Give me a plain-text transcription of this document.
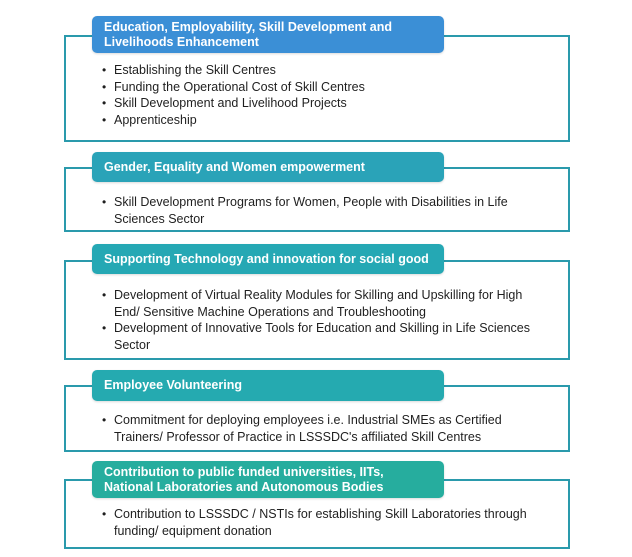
Education, Employability, Skill Development and
Livelihoods Enhancement
• Establishing the Skill Centres
• Funding the Operational Cost of Skill Centres
• Skill Development and Livelihood Projects
• Apprenticeship
Gender, Equality and Women empowerment
• Skill Development Programs for Women, People with Disabilities in Life Sciences Sector
Supporting Technology and innovation for social good
• Development of Virtual Reality Modules for Skilling and Upskilling for High End/ Sensitive Machine Operations and Troubleshooting
• Development of Innovative Tools for Education and Skilling in Life Sciences Sector
Employee Volunteering
• Commitment for deploying employees i.e. Industrial SMEs as Certified Trainers/ Professor of Practice in LSSSDC's affiliated Skill Centres
Contribution to public funded universities, IITs,
National Laboratories and Autonomous Bodies
• Contribution to LSSSDC / NSTIs for establishing Skill Laboratories through funding/ equipment donation
